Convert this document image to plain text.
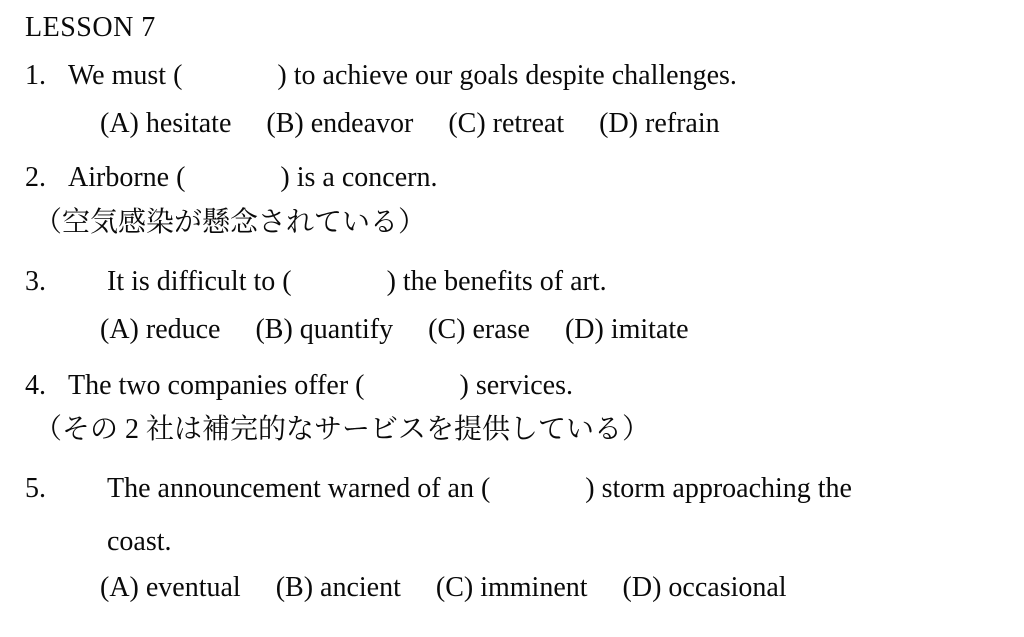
LESSON 7
1. We must (	) to achieve our goals despite challenges.
(A) hesitate (B) endeavor (C) retreat (D) refrain
2. Airborne (	) is a concern.
（空気感染が懸念されている）
3. It is difficult to (	) the benefits of art.
(A) reduce (B) quantify (C) erase (D) imitate
4. The two companies offer (	) services.
（その 2 社は補完的なサービスを提供している）
5. The announcement warned of an (	) storm approaching the
coast.
(A) eventual (B) ancient (C) imminent (D) occasional
